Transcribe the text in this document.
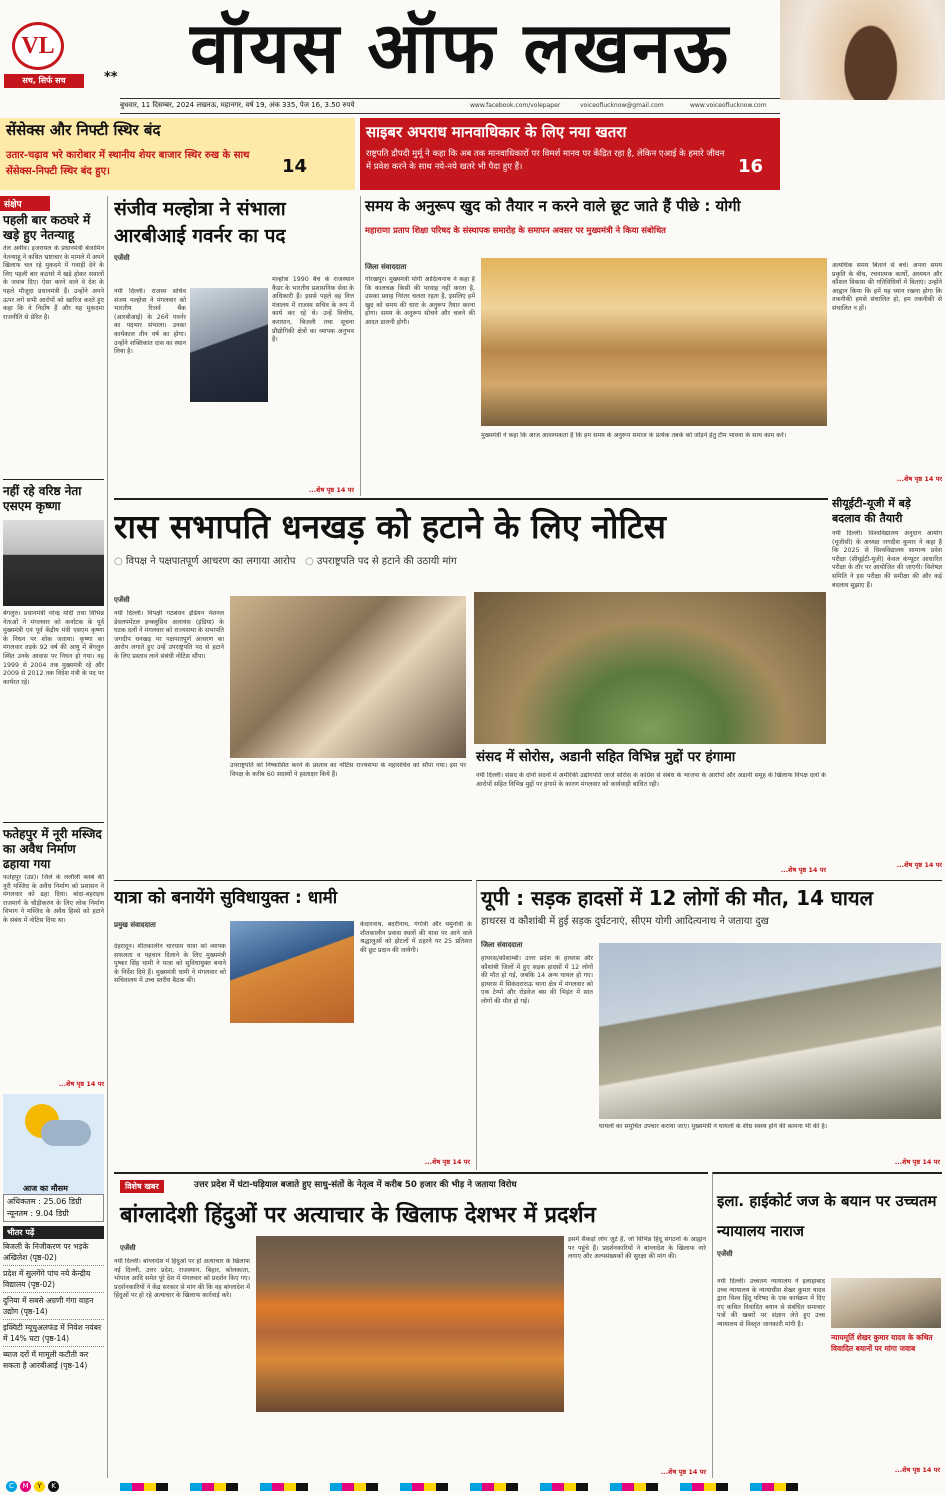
VL
सच, सिर्फ सच	**	वॉयस ऑफ लखनऊ
बुधवार, 11 दिसम्बर, 2024 लखनऊ, महानगर, वर्ष 19, अंक 335, पेज 16, 3.50 रुपये	www.facebook.com/volepaper	voiceoflucknow@gmail.com	www.voiceoflucknow.com
सेंसेक्स और निफ्टी स्थिर बंद
उतार-चढ़ाव भरे कारोबार में स्थानीय शेयर बाजार स्थिर रुख के साथ सेंसेक्स-निफ्टी स्थिर बंद हुए।	14
साइबर अपराध मानवाधिकार के लिए नया खतरा
राष्ट्रपति द्रौपदी मुर्मू ने कहा कि अब तक मानवाधिकारों पर विमर्श मानव पर केंद्रित रहा है, लेकिन एआई के हमारे जीवन में प्रवेश करने के साथ नये-नये खतरे भी पैदा हुए हैं।	16
संक्षेप
पहली बार कठघरे में खड़े हुए नेतन्याहू
तेल अवीव। इजरायल के प्रधानमंत्री बेंजामिन नेतन्याहू ने कथित भ्रष्टाचार के मामले में अपने खिलाफ चल रहे मुकदमे में गवाही देने के लिए पहली बार कठघरे में खड़े होकर सवालों के जवाब दिए। ऐसा करने वाले वे देश के पहले मौजूदा प्रधानमंत्री हैं। उन्होंने अपने ऊपर लगे सभी आरोपों को खारिज करते हुए कहा कि वे निर्दोष हैं और यह मुकदमा राजनीति से प्रेरित है।
नहीं रहे वरिष्ठ नेता एसएम कृष्णा
बेंगलुरु। प्रधानमंत्री नरेन्द्र मोदी तथा विभिन्न नेताओं ने मंगलवार को कर्नाटक के पूर्व मुख्यमंत्री एवं पूर्व केंद्रीय मंत्री एसएम कृष्णा के निधन पर शोक जताया। कृष्णा का मंगलवार तड़के 92 वर्ष की आयु में बेंगलुरु स्थित उनके आवास पर निधन हो गया। वह 1999 से 2004 तक मुख्यमंत्री रहे और 2009 से 2012 तक विदेश मंत्री के पद पर कार्यरत रहे।
फतेहपुर में नूरी मस्जिद का अवैध निर्माण ढहाया गया
फतेहपुर (उप्र)। जिले के ललौली कस्बे की नूरी मस्जिद के अवैध निर्माण को प्रशासन ने मंगलवार को ढहा दिया। बांदा-बहराइच राजमार्ग के चौड़ीकरण के लिए लोक निर्माण विभाग ने मस्जिद के अवैध हिस्से को हटाने के संबंध में नोटिस दिया था।
...शेष पृष्ठ 14 पर
आज का मौसम
अधिकतम : 25.06 डिग्री
न्यूनतम : 9.04 डिग्री
भीतर पढ़ें
बिजली के निजीकरण पर भड़के अखिलेश (पृष्ठ-02)
प्रदेश में सुलगेंगे पांच नये केन्द्रीय विद्यालय (पृष्ठ-02)
दुनिया में सबसे अग्रणी गंगा वाहन उद्योग (पृष्ठ-14)
इक्विटी म्यूचुअलफंड में निवेश नवंबर में 14% घटा (पृष्ठ-14)
ब्याज दरों में मामूली कटौती कर सकता है आरबीआई (पृष्ठ-14)
संजीव मल्होत्रा ने संभाला आरबीआई गवर्नर का पद
एजेंसी
नयी दिल्ली। राजस्व सचिव संजय मल्होत्रा ने मंगलवार को भारतीय रिजर्व बैंक (आरबीआई) के 26वें गवर्नर का पदभार संभाला। उनका कार्यकाल तीन वर्ष का होगा। उन्होंने शक्तिकांत दास का स्थान लिया है।
मल्होत्रा 1990 बैच के राजस्थान कैडर के भारतीय प्रशासनिक सेवा के अधिकारी हैं। इससे पहले वह वित्त मंत्रालय में राजस्व सचिव के रूप में कार्य कर रहे थे। उन्हें वित्तीय, कराधान, बिजली तथा सूचना प्रौद्योगिकी क्षेत्रों का व्यापक अनुभव है।
...शेष पृष्ठ 14 पर
समय के अनुरूप खुद को तैयार न करने वाले छूट जाते हैं पीछे : योगी
महाराणा प्रताप शिक्षा परिषद के संस्थापक समारोह के समापन अवसर पर मुख्यमंत्री ने किया संबोधित
जिला संवाददाता
गोरखपुर। मुख्यमंत्री योगी आदित्यनाथ ने कहा है कि कालचक्र किसी की परवाह नहीं करता है, उसका प्रवाह निरंतर चलता रहता है, इसलिए हमें खुद को समय की धारा के अनुरूप तैयार करना होगा। समय के अनुरूप सोचने और चलने की आदत डालनी होगी।
मुख्यमंत्री ने कहा कि आज आवश्यकता है कि हम समय के अनुरूप समाज के प्रत्येक तबके को जोड़ने हेतु टीम भावना के साथ काम करें।
अत्यधिक समय बिताने से बचें। अपना समय प्रकृति के बीच, रचनात्मक कार्यों, अध्ययन और कौशल विकास की गतिविधियों में बिताएं। उन्होंने आह्वान किया कि हमें यह ध्यान रखना होगा कि तकनीकी हमसे संचालित हो, हम तकनीकी से संचालित न हों।
...शेष पृष्ठ 14 पर
सीयूईटी-यूजी में बड़े बदलाव की तैयारी
नयी दिल्ली। विश्वविद्यालय अनुदान आयोग (यूजीसी) के अध्यक्ष जगदीश कुमार ने कहा है कि 2025 से विश्वविद्यालय सामान्य प्रवेश परीक्षा (सीयूईटी-यूजी) केवल कंप्यूटर आधारित परीक्षा के तौर पर आयोजित की जाएगी। विशेषज्ञ समिति ने इस परीक्षा की समीक्षा की और कई बदलाव सुझाए हैं।
...शेष पृष्ठ 14 पर
रास सभापति धनखड़ को हटाने के लिए नोटिस
○ विपक्ष ने पक्षपातपूर्ण आचरण का लगाया आरोप ○ उपराष्ट्रपति पद से हटाने की उठायी मांग
एजेंसी
नयी दिल्ली। विपक्षी गठबंधन इंडियन नेशनल डेवलपमेंटल इन्क्लूसिव अलायंस (इंडिया) के घटक दलों ने मंगलवार को राज्यसभा के सभापति जगदीप धनखड़ पर पक्षपातपूर्ण आचरण का आरोप लगाते हुए उन्हें उपराष्ट्रपति पद से हटाने के लिए प्रस्ताव लाने संबंधी नोटिस सौंपा।
उपराष्ट्रपति को निष्कासित करने के प्रस्ताव का नोटिस राज्यसभा के महासचिव को सौंपा गया। इस पर विपक्ष के करीब 60 सदस्यों ने हस्ताक्षर किये हैं।
संसद में सोरोस, अडानी सहित विभिन्न मुद्दों पर हंगामा
नयी दिल्ली। संसद के दोनों सदनों में अमेरिकी उद्योगपति जार्ज सोरोस के कांग्रेस से संबंध के भाजपा के आरोपों और अडानी समूह के खिलाफ विपक्ष दलों के आरोपों सहित विभिन्न मुद्दों पर हंगामे के कारण मंगलवार को कार्यवाही बाधित रही।
...शेष पृष्ठ 14 पर
यात्रा को बनायेंगे सुविधायुक्त : धामी
प्रमुख संवाददाता
देहरादून। शीतकालीन चारधाम यात्रा को व्यापक सफलता व पहचान दिलाने के लिए मुख्यमंत्री पुष्कर सिंह धामी ने यात्रा को सुविधायुक्त बनाने के निर्देश दिये हैं। मुख्यमंत्री धामी ने मंगलवार को सचिवालय में उच्च स्तरीय बैठक की।
केदारनाथ, बदरीनाथ, गंगोत्री और यमुनोत्री के शीतकालीन प्रवास स्थलों की यात्रा पर आने वाले श्रद्धालुओं को होटलों में ठहरने पर 25 प्रतिशत की छूट प्रदान की जायेगी।
...शेष पृष्ठ 14 पर
यूपी : सड़क हादसों में 12 लोगों की मौत, 14 घायल
हाथरस व कौशांबी में हुई सड़क दुर्घटनाएं, सीएम योगी आदित्यनाथ ने जताया दुख
जिला संवाददाता
हाथरस/कौशाम्बी। उत्तर प्रदेश के हाथरस और कौशांबी जिलों में हुए सड़क हादसों में 12 लोगों की मौत हो गई, जबकि 14 अन्य घायल हो गए। हाथरस में सिकंदराराऊ थाना क्षेत्र में मंगलवार को एक टेम्पो और रोडवेज बस की भिड़ंत में सात लोगों की मौत हो गई।
घायलों का समुचित उपचार कराया जाए। मुख्यमंत्री ने घायलों के शीघ्र स्वस्थ होने की कामना भी की है।
...शेष पृष्ठ 14 पर
विशेष खबर	उत्तर प्रदेश में घंटा-घड़ियाल बजाते हुए साधु-संतों के नेतृत्व में करीब 50 हजार की भीड़ ने जताया विरोध
बांग्लादेशी हिंदुओं पर अत्याचार के खिलाफ देशभर में प्रदर्शन
एजेंसी
नयी दिल्ली। बांग्लादेश में हिंदुओं पर हो अत्याचार के खिलाफ नई दिल्ली, उत्तर प्रदेश, राजस्थान, बिहार, कोलकाता, भोपाल आदि समेत पूरे देश में मंगलवार को प्रदर्शन किए गए। प्रदर्शनकारियों ने केंद्र सरकार से मांग की कि वह बांग्लादेश में हिंदुओं पर हो रहे अत्याचार के खिलाफ कार्रवाई करे।
इसमें सैकड़ों लोग जुटे हैं, जो विभिन्न हिंदू संगठनों के आह्वान पर पहुंचे हैं। प्रदर्शनकारियों ने बांग्लादेश के खिलाफ नारे लगाए और अल्पसंख्यकों की सुरक्षा की मांग की।
...शेष पृष्ठ 14 पर
इला. हाईकोर्ट जज के बयान पर उच्चतम न्यायालय नाराज
एजेंसी
नयी दिल्ली। उच्चतम न्यायालय ने इलाहाबाद उच्च न्यायालय के न्यायाधीश शेखर कुमार यादव द्वारा विश्व हिंदू परिषद के एक कार्यक्रम में दिए गए कथित विवादित बयान से संबंधित समाचार पत्रों की खबरों पर संज्ञान लेते हुए उच्च न्यायालय से विस्तृत जानकारी मांगी है।
न्यायमूर्ति शेखर कुमार यादव के कथित विवादित बयानों पर मांगा जवाब
...शेष पृष्ठ 14 पर
C	M	Y	K
